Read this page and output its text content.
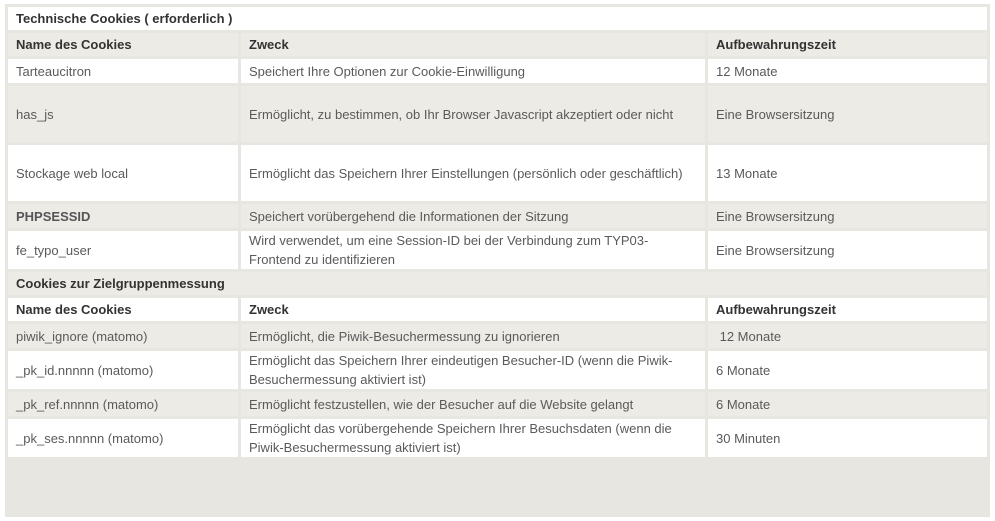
Technische Cookies ( erforderlich )		
Name des Cookies	Zweck	Aufbewahrungszeit
Tarteaucitron	Speichert Ihre Optionen zur Cookie-Einwilligung	12 Monate
has_js	Ermöglicht, zu bestimmen, ob Ihr Browser Javascript akzeptiert oder nicht	Eine Browsersitzung
Stockage web local	Ermöglicht das Speichern Ihrer Einstellungen (persönlich oder geschäftlich)	13 Monate
PHPSESSID	Speichert vorübergehend die Informationen der Sitzung	Eine Browsersitzung
fe_typo_user	Wird verwendet, um eine Session-ID bei der Verbindung zum TYP03-Frontend zu identifizieren	Eine Browsersitzung
Cookies zur Zielgruppenmessung		
Name des Cookies	Zweck	Aufbewahrungszeit
piwik_ignore (matomo)	Ermöglicht, die Piwik-Besuchermessung zu ignorieren	12 Monate
_pk_id.nnnnn (matomo)	Ermöglicht das Speichern Ihrer eindeutigen Besucher-ID (wenn die Piwik-Besuchermessung aktiviert ist)	6 Monate
_pk_ref.nnnnn (matomo)	Ermöglicht festzustellen, wie der Besucher auf die Website gelangt	6 Monate
_pk_ses.nnnnn (matomo)	Ermöglicht das vorübergehende Speichern Ihrer Besuchsdaten (wenn die Piwik-Besuchermessung aktiviert ist)	30 Minuten
